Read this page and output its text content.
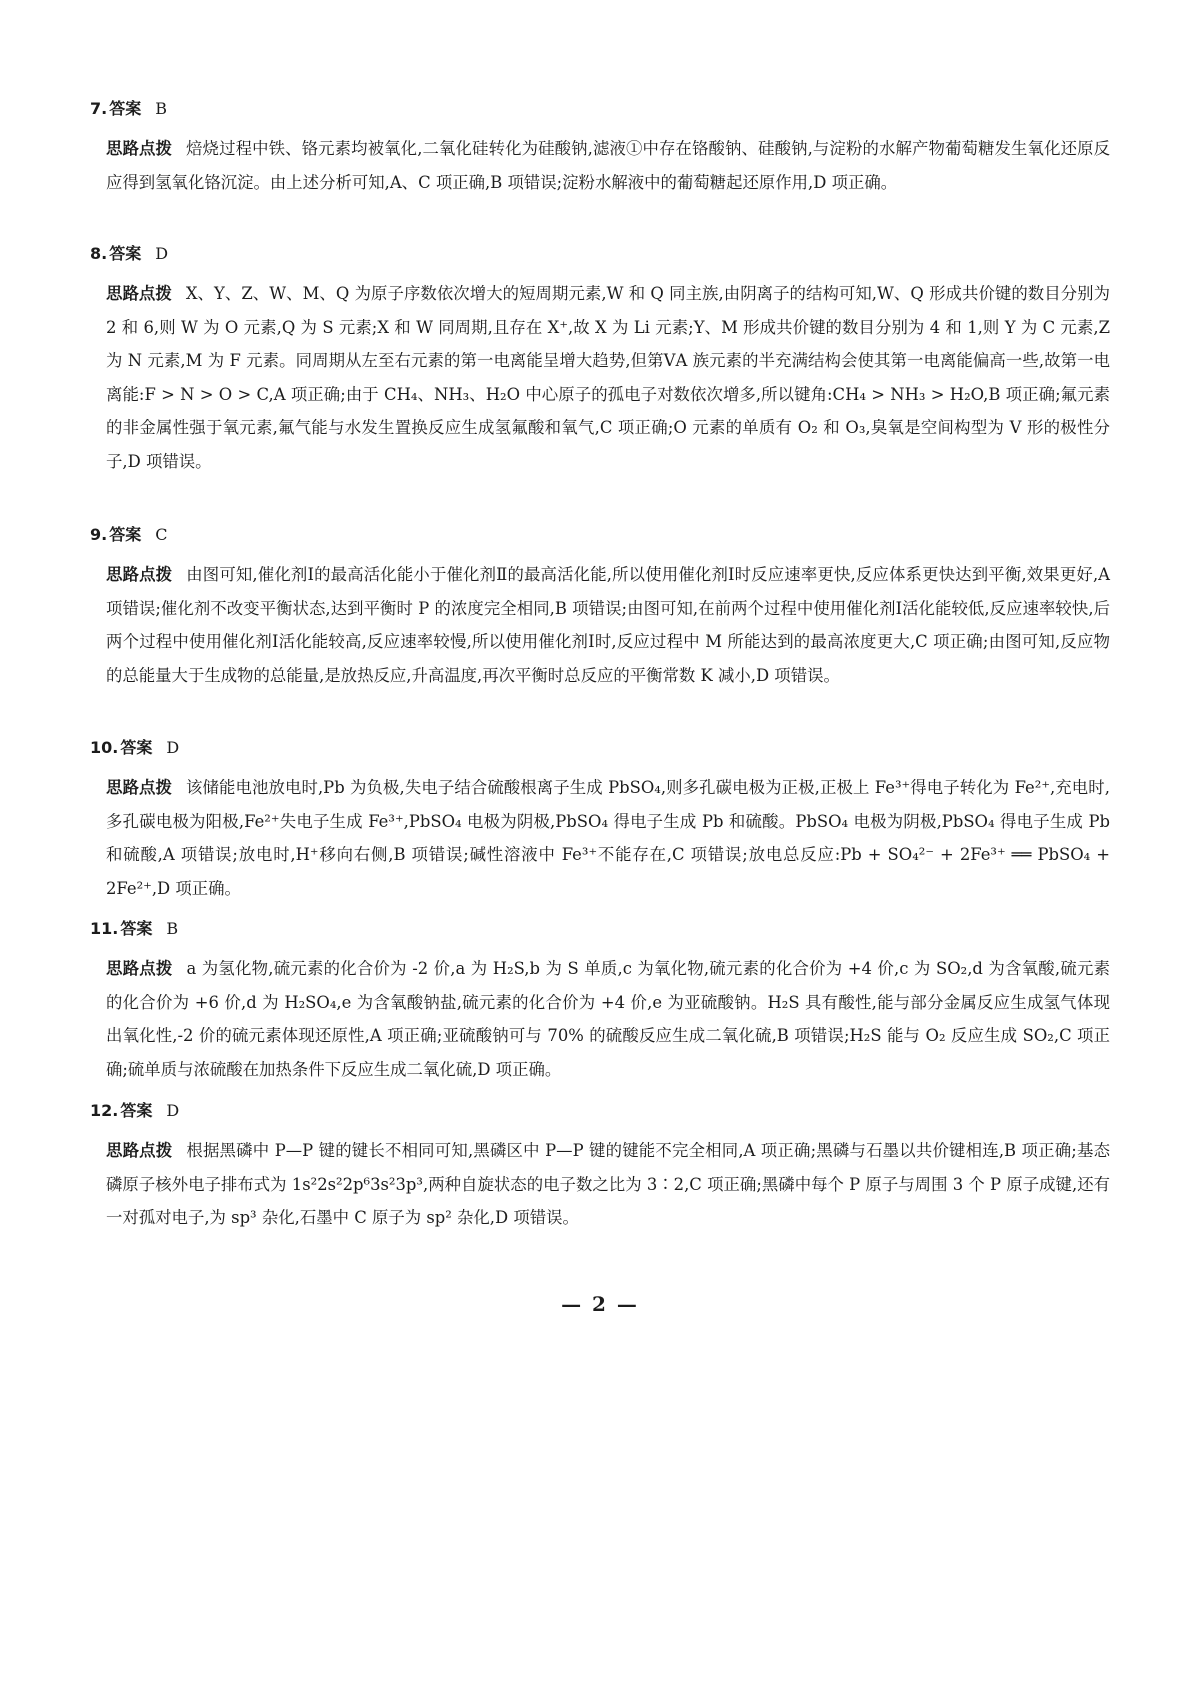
7. 答案 B
思路点拨 焙烧过程中铁、铬元素均被氧化,二氧化硅转化为硅酸钠,滤液①中存在铬酸钠、硅酸钠,与淀粉的水解产物葡萄糖发生氧化还原反应得到氢氧化铬沉淀。由上述分析可知,A、C 项正确,B 项错误;淀粉水解液中的葡萄糖起还原作用,D 项正确。
8. 答案 D
思路点拨 X、Y、Z、W、M、Q 为原子序数依次增大的短周期元素,W 和 Q 同主族,由阴离子的结构可知,W、Q 形成共价键的数目分别为 2 和 6,则 W 为 O 元素,Q 为 S 元素;X 和 W 同周期,且存在 X⁺,故 X 为 Li 元素;Y、M 形成共价键的数目分别为 4 和 1,则 Y 为 C 元素,Z 为 N 元素,M 为 F 元素。同周期从左至右元素的第一电离能呈增大趋势,但第ⅤA 族元素的半充满结构会使其第一电离能偏高一些,故第一电离能:F > N > O > C,A 项正确;由于 CH₄、NH₃、H₂O 中心原子的孤电子对数依次增多,所以键角:CH₄ > NH₃ > H₂O,B 项正确;氟元素的非金属性强于氧元素,氟气能与水发生置换反应生成氢氟酸和氧气,C 项正确;O 元素的单质有 O₂ 和 O₃,臭氧是空间构型为 V 形的极性分子,D 项错误。
9. 答案 C
思路点拨 由图可知,催化剂Ⅰ的最高活化能小于催化剂Ⅱ的最高活化能,所以使用催化剂Ⅰ时反应速率更快,反应体系更快达到平衡,效果更好,A 项错误;催化剂不改变平衡状态,达到平衡时 P 的浓度完全相同,B 项错误;由图可知,在前两个过程中使用催化剂Ⅰ活化能较低,反应速率较快,后两个过程中使用催化剂Ⅰ活化能较高,反应速率较慢,所以使用催化剂Ⅰ时,反应过程中 M 所能达到的最高浓度更大,C 项正确;由图可知,反应物的总能量大于生成物的总能量,是放热反应,升高温度,再次平衡时总反应的平衡常数 K 减小,D 项错误。
10. 答案 D
思路点拨 该储能电池放电时,Pb 为负极,失电子结合硫酸根离子生成 PbSO₄,则多孔碳电极为正极,正极上 Fe³⁺得电子转化为 Fe²⁺,充电时,多孔碳电极为阳极,Fe²⁺失电子生成 Fe³⁺,PbSO₄ 电极为阴极,PbSO₄ 得电子生成 Pb 和硫酸。PbSO₄ 电极为阴极,PbSO₄ 得电子生成 Pb 和硫酸,A 项错误;放电时,H⁺移向右侧,B 项错误;碱性溶液中 Fe³⁺不能存在,C 项错误;放电总反应:Pb + SO₄²⁻ + 2Fe³⁺ ══ PbSO₄ + 2Fe²⁺,D 项正确。
11. 答案 B
思路点拨 a 为氢化物,硫元素的化合价为 -2 价,a 为 H₂S,b 为 S 单质,c 为氧化物,硫元素的化合价为 +4 价,c 为 SO₂,d 为含氧酸,硫元素的化合价为 +6 价,d 为 H₂SO₄,e 为含氧酸钠盐,硫元素的化合价为 +4 价,e 为亚硫酸钠。H₂S 具有酸性,能与部分金属反应生成氢气体现出氧化性,-2 价的硫元素体现还原性,A 项正确;亚硫酸钠可与 70% 的硫酸反应生成二氧化硫,B 项错误;H₂S 能与 O₂ 反应生成 SO₂,C 项正确;硫单质与浓硫酸在加热条件下反应生成二氧化硫,D 项正确。
12. 答案 D
思路点拨 根据黑磷中 P—P 键的键长不相同可知,黑磷区中 P—P 键的键能不完全相同,A 项正确;黑磷与石墨以共价键相连,B 项正确;基态磷原子核外电子排布式为 1s²2s²2p⁶3s²3p³,两种自旋状态的电子数之比为 3∶2,C 项正确;黑磷中每个 P 原子与周围 3 个 P 原子成键,还有一对孤对电子,为 sp³ 杂化,石墨中 C 原子为 sp² 杂化,D 项错误。
— 2 —
